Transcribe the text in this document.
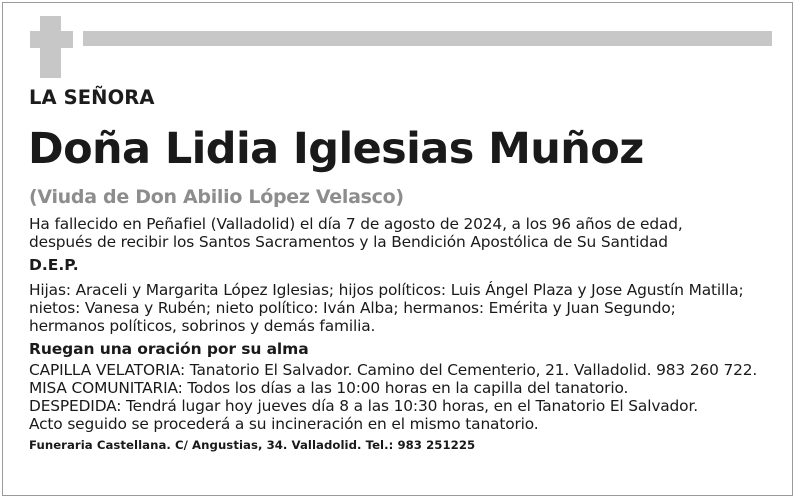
LA SEÑORA
Doña Lidia Iglesias Muñoz
(Viuda de Don Abilio López Velasco)
Ha fallecido en Peñafiel (Valladolid) el día 7 de agosto de 2024, a los 96 años de edad,
después de recibir los Santos Sacramentos y la Bendición Apostólica de Su Santidad
D.E.P.
Hijas: Araceli y Margarita López Iglesias; hijos políticos: Luis Ángel Plaza y Jose Agustín Matilla;
nietos: Vanesa y Rubén; nieto político: Iván Alba; hermanos: Emérita y Juan Segundo;
hermanos políticos, sobrinos y demás familia.
Ruegan una oración por su alma
CAPILLA VELATORIA: Tanatorio El Salvador. Camino del Cementerio, 21. Valladolid. 983 260 722.
MISA COMUNITARIA: Todos los días a las 10:00 horas en la capilla del tanatorio.
DESPEDIDA: Tendrá lugar hoy jueves día 8 a las 10:30 horas, en el Tanatorio El Salvador.
Acto seguido se procederá a su incineración en el mismo tanatorio.
Funeraria Castellana. C/ Angustias, 34. Valladolid. Tel.: 983 251225
